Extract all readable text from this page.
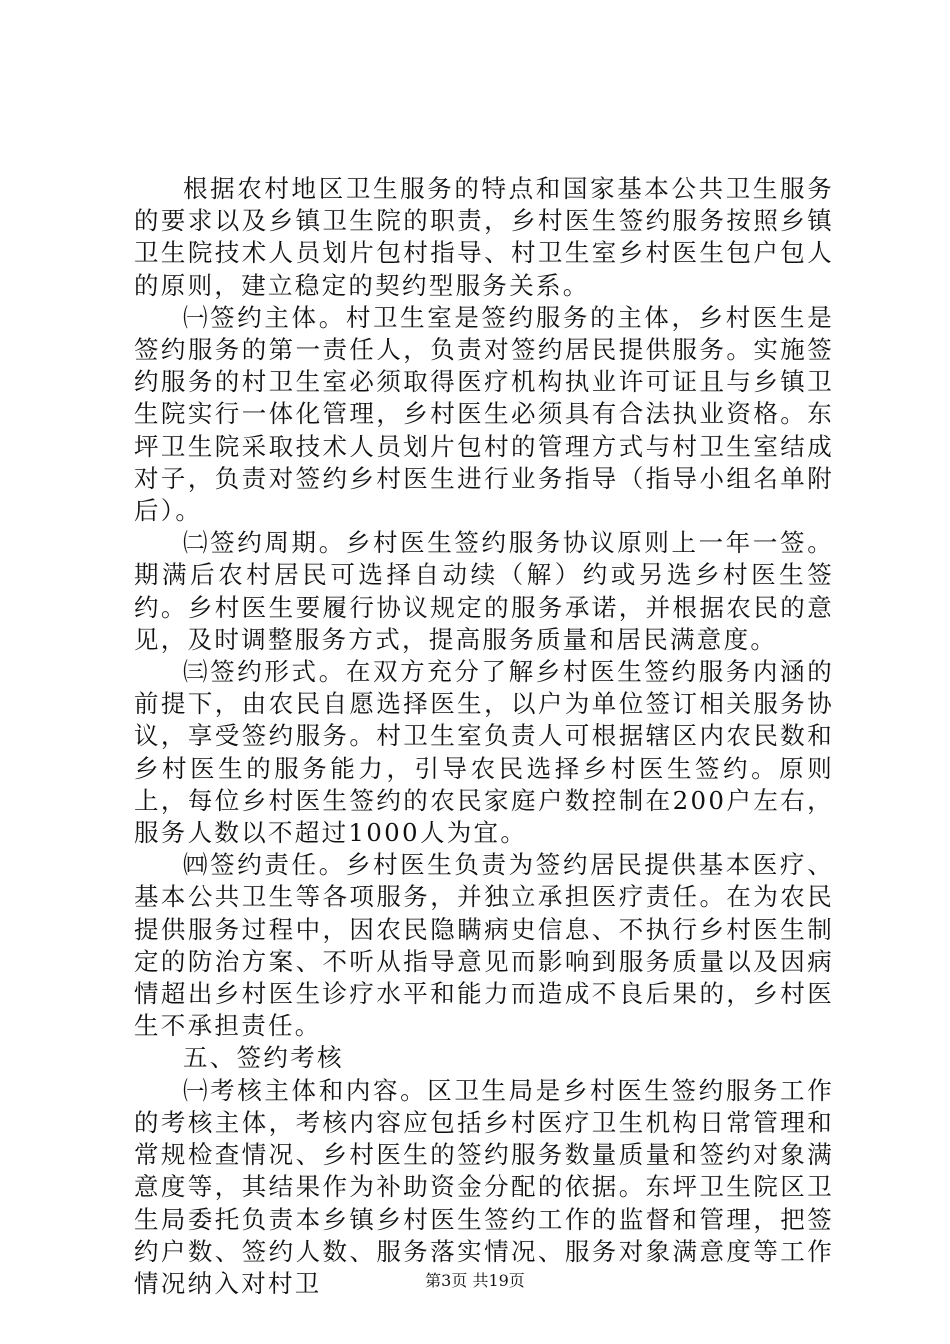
根据农村地区卫生服务的特点和国家基本公共卫生服务的要求以及乡镇卫生院的职责，乡村医生签约服务按照乡镇卫生院技术人员划片包村指导、村卫生室乡村医生包户包人的原则，建立稳定的契约型服务关系。

㈠签约主体。村卫生室是签约服务的主体，乡村医生是签约服务的第一责任人，负责对签约居民提供服务。实施签约服务的村卫生室必须取得医疗机构执业许可证且与乡镇卫生院实行一体化管理，乡村医生必须具有合法执业资格。东坪卫生院采取技术人员划片包村的管理方式与村卫生室结成对子，负责对签约乡村医生进行业务指导（指导小组名单附后）。

㈡签约周期。乡村医生签约服务协议原则上一年一签。期满后农村居民可选择自动续（解）约或另选乡村医生签约。乡村医生要履行协议规定的服务承诺，并根据农民的意见，及时调整服务方式，提高服务质量和居民满意度。

㈢签约形式。在双方充分了解乡村医生签约服务内涵的前提下，由农民自愿选择医生，以户为单位签订相关服务协议，享受签约服务。村卫生室负责人可根据辖区内农民数和乡村医生的服务能力，引导农民选择乡村医生签约。原则上，每位乡村医生签约的农民家庭户数控制在200户左右，服务人数以不超过1000人为宜。

㈣签约责任。乡村医生负责为签约居民提供基本医疗、基本公共卫生等各项服务，并独立承担医疗责任。在为农民提供服务过程中，因农民隐瞒病史信息、不执行乡村医生制定的防治方案、不听从指导意见而影响到服务质量以及因病情超出乡村医生诊疗水平和能力而造成不良后果的，乡村医生不承担责任。

五、签约考核

㈠考核主体和内容。区卫生局是乡村医生签约服务工作的考核主体，考核内容应包括乡村医疗卫生机构日常管理和常规检查情况、乡村医生的签约服务数量质量和签约对象满意度等，其结果作为补助资金分配的依据。东坪卫生院区卫生局委托负责本乡镇乡村医生签约工作的监督和管理，把签约户数、签约人数、服务落实情况、服务对象满意度等工作情况纳入对村卫	第3页 共19页
